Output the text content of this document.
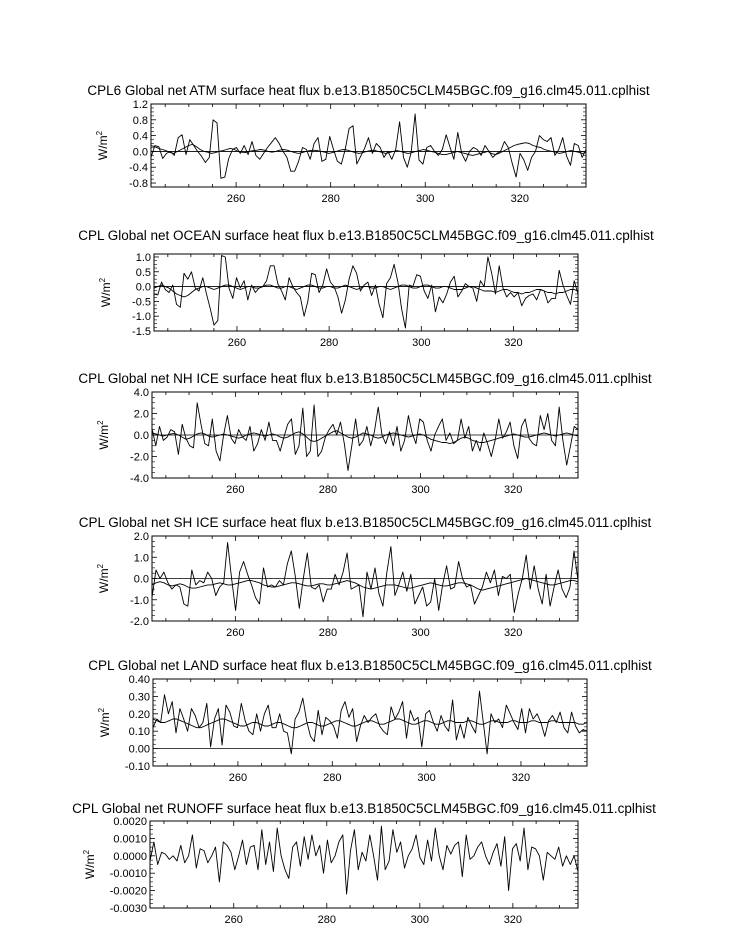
CPL6 Global net ATM surface heat flux b.e13.B1850C5CLM45BGC.f09_g16.clm45.011.cplhist
260	280	300	320
-0.8
-0.4
0.0
0.4
0.8
1.2
$W/m^2$
CPL Global net OCEAN surface heat flux b.e13.B1850C5CLM45BGC.f09_g16.clm45.011.cplhist
260	280	300	320
-1.5
-1.0
-0.5
0.0
0.5
1.0
$W/m^2$
CPL Global net NH ICE surface heat flux b.e13.B1850C5CLM45BGC.f09_g16.clm45.011.cplhist
260	280	300	320
-4.0
-2.0
0.0
2.0
4.0
$W/m^2$
CPL Global net SH ICE surface heat flux b.e13.B1850C5CLM45BGC.f09_g16.clm45.011.cplhist
260	280	300	320
-2.0
-1.0
0.0
1.0
2.0
$W/m^2$
CPL Global net LAND surface heat flux b.e13.B1850C5CLM45BGC.f09_g16.clm45.011.cplhist
260	280	300	320
-0.10
0.00
0.10
0.20
0.30
0.40
$W/m^2$
CPL Global net RUNOFF surface heat flux b.e13.B1850C5CLM45BGC.f09_g16.clm45.011.cplhist
260	280	300	320
-0.0030
-0.0020
-0.0010
0.0000
0.0010
0.0020
$W/m^2$
